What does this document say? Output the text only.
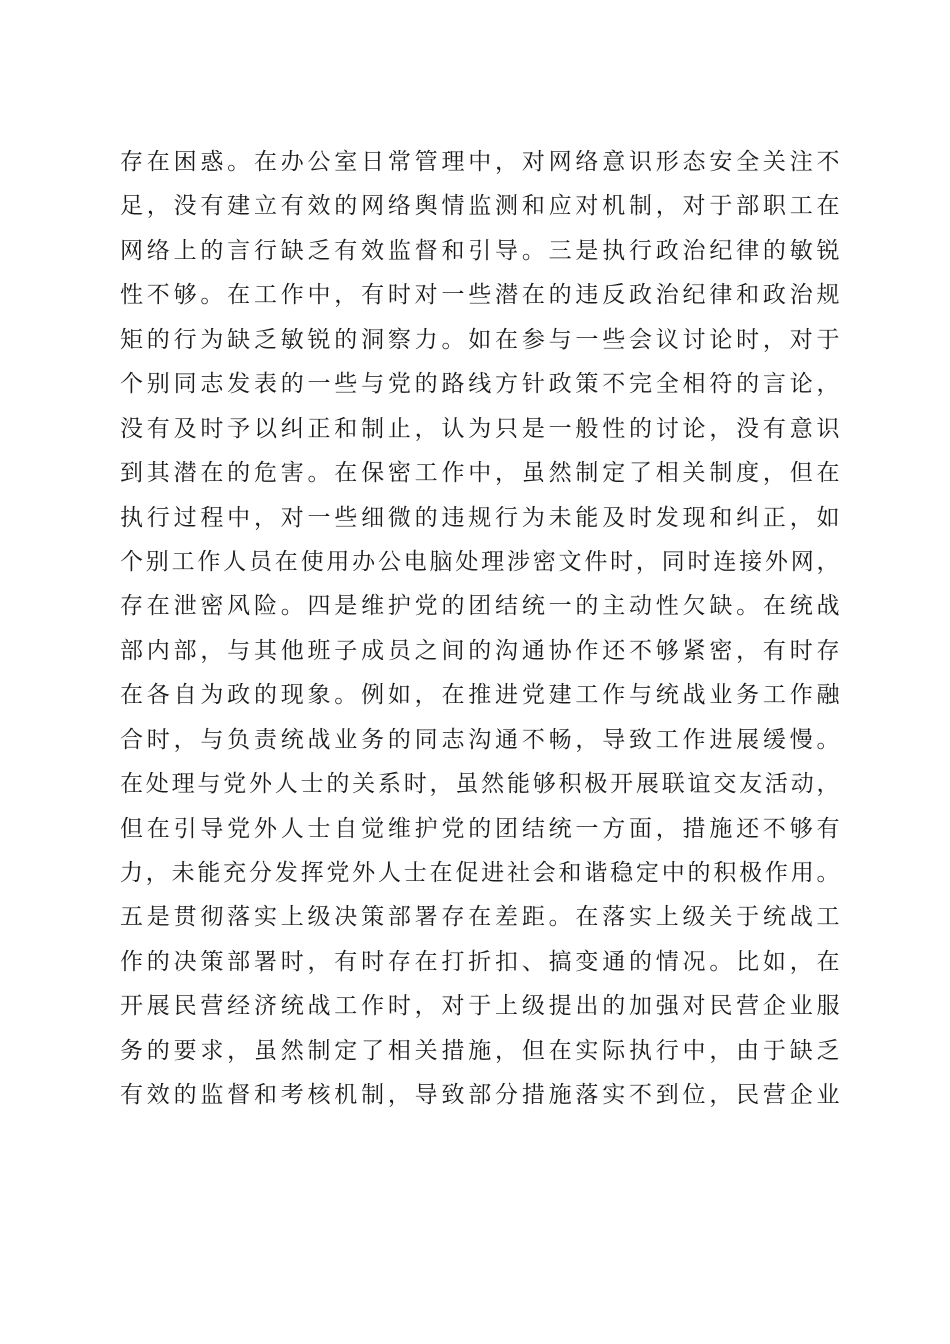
存在困惑。在办公室日常管理中，对网络意识形态安全关注不
足，没有建立有效的网络舆情监测和应对机制，对于部职工在
网络上的言行缺乏有效监督和引导。三是执行政治纪律的敏锐
性不够。在工作中，有时对一些潜在的违反政治纪律和政治规
矩的行为缺乏敏锐的洞察力。如在参与一些会议讨论时，对于
个别同志发表的一些与党的路线方针政策不完全相符的言论，
没有及时予以纠正和制止，认为只是一般性的讨论，没有意识
到其潜在的危害。在保密工作中，虽然制定了相关制度，但在
执行过程中，对一些细微的违规行为未能及时发现和纠正，如
个别工作人员在使用办公电脑处理涉密文件时，同时连接外网，
存在泄密风险。四是维护党的团结统一的主动性欠缺。在统战
部内部，与其他班子成员之间的沟通协作还不够紧密，有时存
在各自为政的现象。例如，在推进党建工作与统战业务工作融
合时，与负责统战业务的同志沟通不畅，导致工作进展缓慢。
在处理与党外人士的关系时，虽然能够积极开展联谊交友活动，
但在引导党外人士自觉维护党的团结统一方面，措施还不够有
力，未能充分发挥党外人士在促进社会和谐稳定中的积极作用。
五是贯彻落实上级决策部署存在差距。在落实上级关于统战工
作的决策部署时，有时存在打折扣、搞变通的情况。比如，在
开展民营经济统战工作时，对于上级提出的加强对民营企业服
务的要求，虽然制定了相关措施，但在实际执行中，由于缺乏
有效的监督和考核机制，导致部分措施落实不到位，民营企业
